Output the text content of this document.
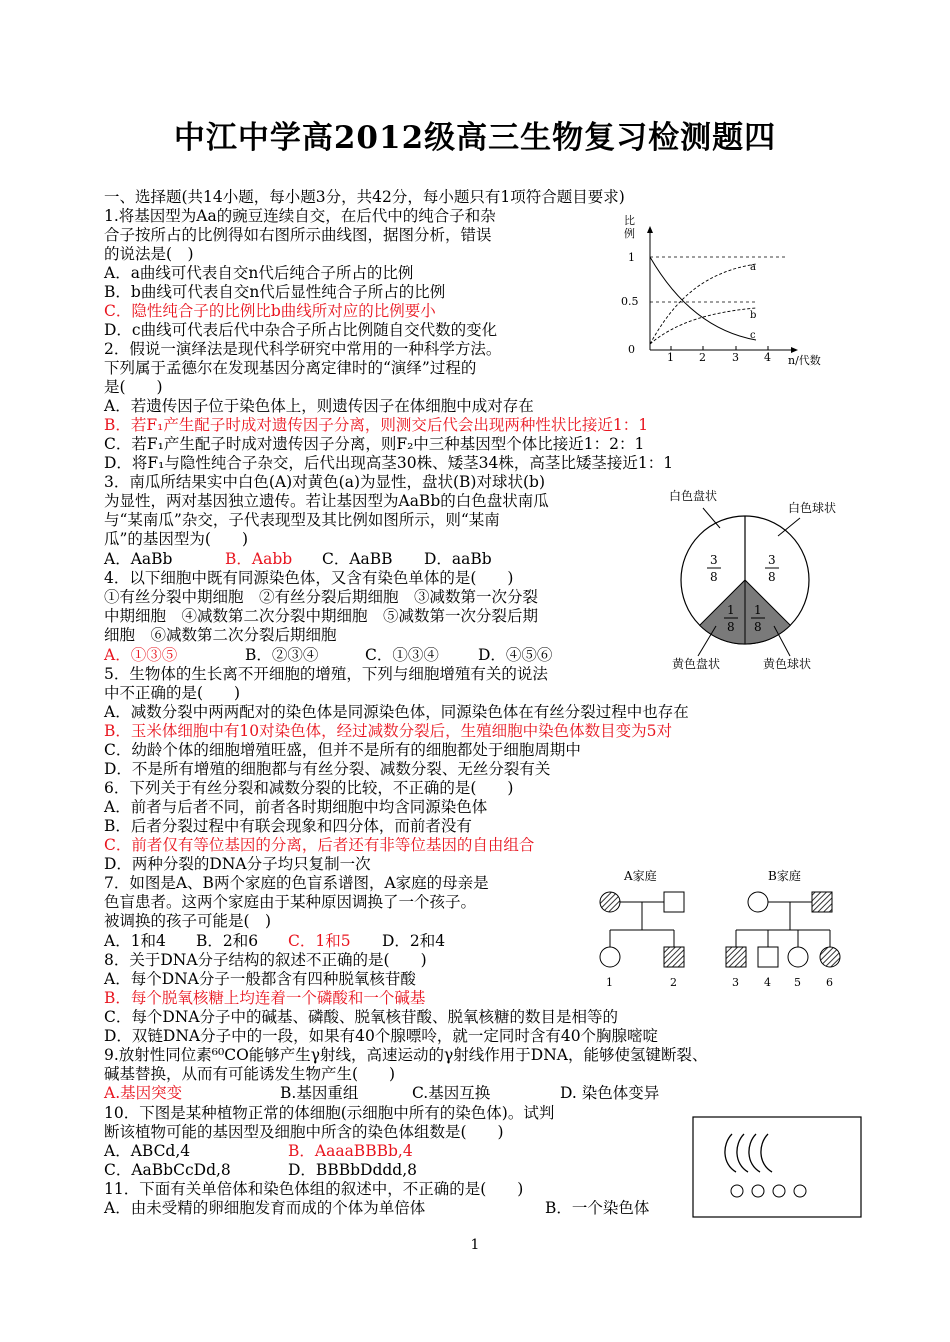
中江中学高2012级高三生物复习检测题四
一、选择题(共14小题，每小题3分，共42分，每小题只有1项符合题目要求)
1.将基因型为Aa的豌豆连续自交，在后代中的纯合子和杂
合子按所占的比例得如右图所示曲线图，据图分析，错误
的说法是(　)
A．a曲线可代表自交n代后纯合子所占的比例
B．b曲线可代表自交n代后显性纯合子所占的比例
C．隐性纯合子的比例比b曲线所对应的比例要小
D．c曲线可代表后代中杂合子所占比例随自交代数的变化
比
例
1
0.5
0
1 2 3 4 n/代数
a
b
c
2．假说一演绎法是现代科学研究中常用的一种科学方法。
下列属于孟德尔在发现基因分离定律时的“演绎”过程的
是(　　)
A．若遗传因子位于染色体上，则遗传因子在体细胞中成对存在
B．若F₁产生配子时成对遗传因子分离，则测交后代会出现两种性状比接近1：1
C．若F₁产生配子时成对遗传因子分离，则F₂中三种基因型个体比接近1：2：1
D．将F₁与隐性纯合子杂交，后代出现高茎30株、矮茎34株，高茎比矮茎接近1：1
3．南瓜所结果实中白色(A)对黄色(a)为显性，盘状(B)对球状(b)
为显性，两对基因独立遗传。若让基因型为AaBb的白色盘状南瓜
与“某南瓜”杂交，子代表现型及其比例如图所示，则“某南
瓜”的基因型为(　　)
A．AaBb	B．Aabb C．AaBB D．aaBb
白色盘状
白色球状
黄色盘状	黄色球状
3
8
3
8
1
8
1
8
4．以下细胞中既有同源染色体，又含有染色单体的是(　　)
①有丝分裂中期细胞　②有丝分裂后期细胞　③减数第一次分裂
中期细胞　④减数第二次分裂中期细胞　⑤减数第一次分裂后期
细胞　⑥减数第二次分裂后期细胞
A．①③⑤	B．②③④	C．①③④	D．④⑤⑥
5．生物体的生长离不开细胞的增殖，下列与细胞增殖有关的说法
中不正确的是(　　)
A．减数分裂中两两配对的染色体是同源染色体，同源染色体在有丝分裂过程中也存在
B．玉米体细胞中有10对染色体，经过减数分裂后，生殖细胞中染色体数目变为5对
C．幼龄个体的细胞增殖旺盛，但并不是所有的细胞都处于细胞周期中
D．不是所有增殖的细胞都与有丝分裂、减数分裂、无丝分裂有关
6．下列关于有丝分裂和减数分裂的比较，不正确的是(　　)
A．前者与后者不同，前者各时期细胞中均含同源染色体
B．后者分裂过程中有联会现象和四分体，而前者没有
C．前者仅有等位基因的分离，后者还有非等位基因的自由组合
D．两种分裂的DNA分子均只复制一次
7．如图是A、B两个家庭的色盲系谱图，A家庭的母亲是
色盲患者。这两个家庭由于某种原因调换了一个孩子。
被调换的孩子可能是(　)
A．1和4 B．2和6 C．1和5 D．2和4
A家庭	B家庭
1	2	3 4 5 6
8．关于DNA分子结构的叙述不正确的是(　　)
A．每个DNA分子一般都含有四种脱氧核苷酸
B．每个脱氧核糖上均连着一个磷酸和一个碱基
C．每个DNA分子中的碱基、磷酸、脱氧核苷酸、脱氧核糖的数目是相等的
D．双链DNA分子中的一段，如果有40个腺嘌呤，就一定同时含有40个胸腺嘧啶
9.放射性同位素⁶⁰CO能够产生γ射线，高速运动的γ射线作用于DNA，能够使氢键断裂、
碱基替换，从而有可能诱发生物产生(　　)
A.基因突变	B.基因重组	C.基因互换	D. 染色体变异
10．下图是某种植物正常的体细胞(示细胞中所有的染色体)。试判
断该植物可能的基因型及细胞中所含的染色体组数是(　　)
A．ABCd,4	B．AaaaBBBb,4
C．AaBbCcDd,8	D．BBBbDddd,8
11．下面有关单倍体和染色体组的叙述中，不正确的是(　　)
A．由未受精的卵细胞发育而成的个体为单倍体	B．一个染色体
1
